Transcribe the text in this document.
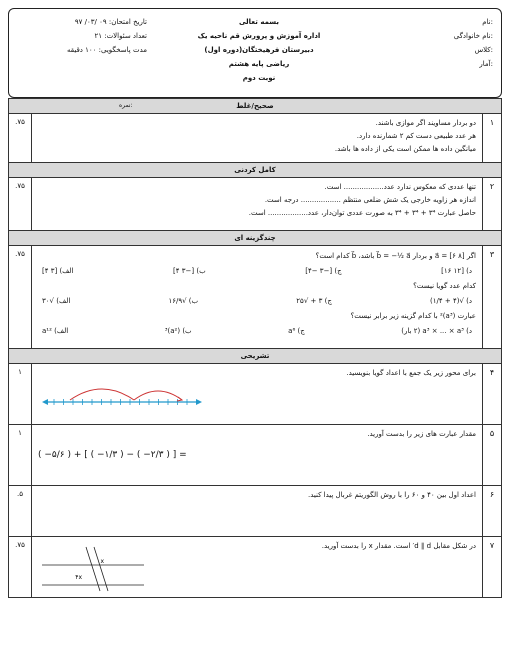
نام:
نام خانوادگی:
کلاس:
آمار:
بسمه تعالی
اداره آموزش و پرورش قم ناحیه یک
دبیرستان فرهیختگان(دوره اول)
ریاضی پایه هشتم
نوبت دوم
تاریخ امتحان: ۰۹ /۰۳/ ۹۷
تعداد سئوالات: ۲۱
مدت پاسخگویی: ۱۰۰ دقیقه
صحیح/غلط
نمره:
۱
دو بردار مساویند اگر موازی باشند.
هر عدد طبیعی دست کم ۲ شمارنده دارد.
میانگین داده ها ممکن است یکی از داده ها باشد.
.۷۵
کامل کردنی
۲
تنها عددی که معکوس ندارد عدد.................. است.
اندازه هر زاویه خارجی یک شش ضلعی منتظم .................. درجه است.
حاصل عبارت ۳⁴ + ۳⁴ + ۳⁴ به صورت عددی توان‌دار، عدد.................. است.
.۷۵
چندگزینه ای
۳
اگر a⃗ = [۶ ۸] و بردار b⃗ = −½ a⃗ باشد، b⃗ کدام است؟
الف) [۳ ۴]	ب) [−۳ ۴]	ج) [−۳ −۴]	د) [۱۲ ۱۶]
کدام عدد گویا نیست؟
الف) √۳۰	ب) √۱۶/۹	ج) ۳ + √۲۵	د) √(۴ + ۱/۴)
عبارت (a³)² با کدام گزینه زیر برابر نیست؟
الف) a¹²	ب) (a²)³	ج) a⁶	د) a³ × ... × a³ (۲ بار)
.۷۵
تشریحی
۴
برای محور زیر یک جمع با اعداد گویا بنویسید.
۱
۵
مقدار عبارت های زیر را بدست آورید.
( −۵/۶ ) + [ ( −۱/۳ ) − ( −۲/۳ ) ] =
۱
۶
اعداد اول بین ۴۰ و ۶۰ را با روش الگوریتم غربال پیدا کنید.
.۵
۷
در شکل مقابل d ∥ d′ است. مقدار x را بدست آورید.
۴x
x
.۷۵
